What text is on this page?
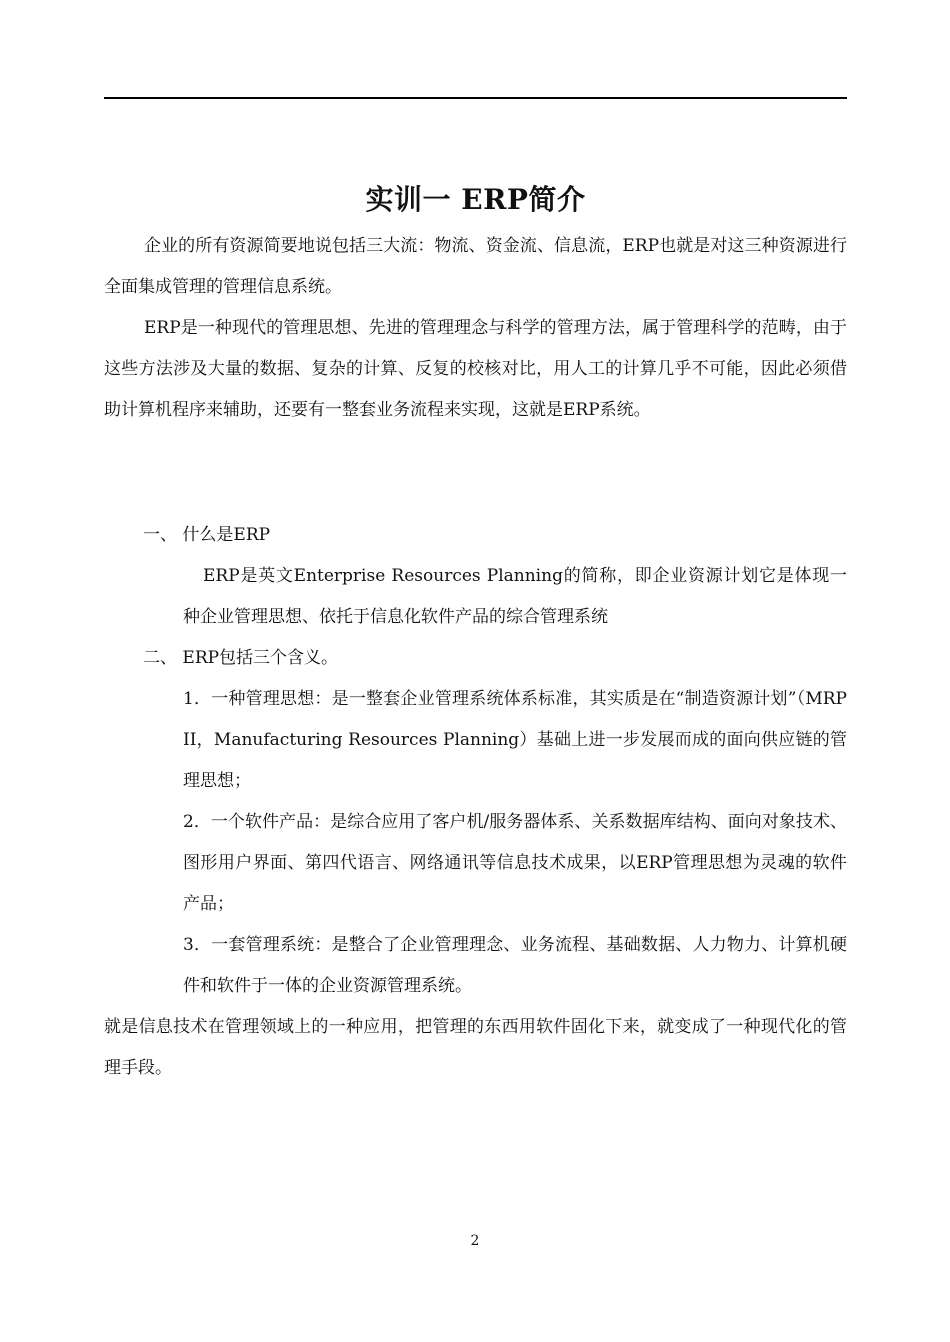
实训一 ERP简介
企业的所有资源简要地说包括三大流：物流、资金流、信息流，ERP也就是对这三种资源进行全面集成管理的管理信息系统。
ERP是一种现代的管理思想、先进的管理理念与科学的管理方法，属于管理科学的范畴，由于这些方法涉及大量的数据、复杂的计算、反复的校核对比，用人工的计算几乎不可能，因此必须借助计算机程序来辅助，还要有一整套业务流程来实现，这就是ERP系统。
一、 什么是ERP
ERP是英文Enterprise Resources Planning的简称，即企业资源计划它是体现一种企业管理思想、依托于信息化软件产品的综合管理系统
二、 ERP包括三个含义。
1．一种管理思想：是一整套企业管理系统体系标准，其实质是在“制造资源计划”（MRP II，Manufacturing Resources Planning）基础上进一步发展而成的面向供应链的管理思想；
2．一个软件产品：是综合应用了客户机/服务器体系、关系数据库结构、面向对象技术、图形用户界面、第四代语言、网络通讯等信息技术成果，以ERP管理思想为灵魂的软件产品；
3．一套管理系统：是整合了企业管理理念、业务流程、基础数据、人力物力、计算机硬件和软件于一体的企业资源管理系统。
就是信息技术在管理领域上的一种应用，把管理的东西用软件固化下来，就变成了一种现代化的管理手段。
2
